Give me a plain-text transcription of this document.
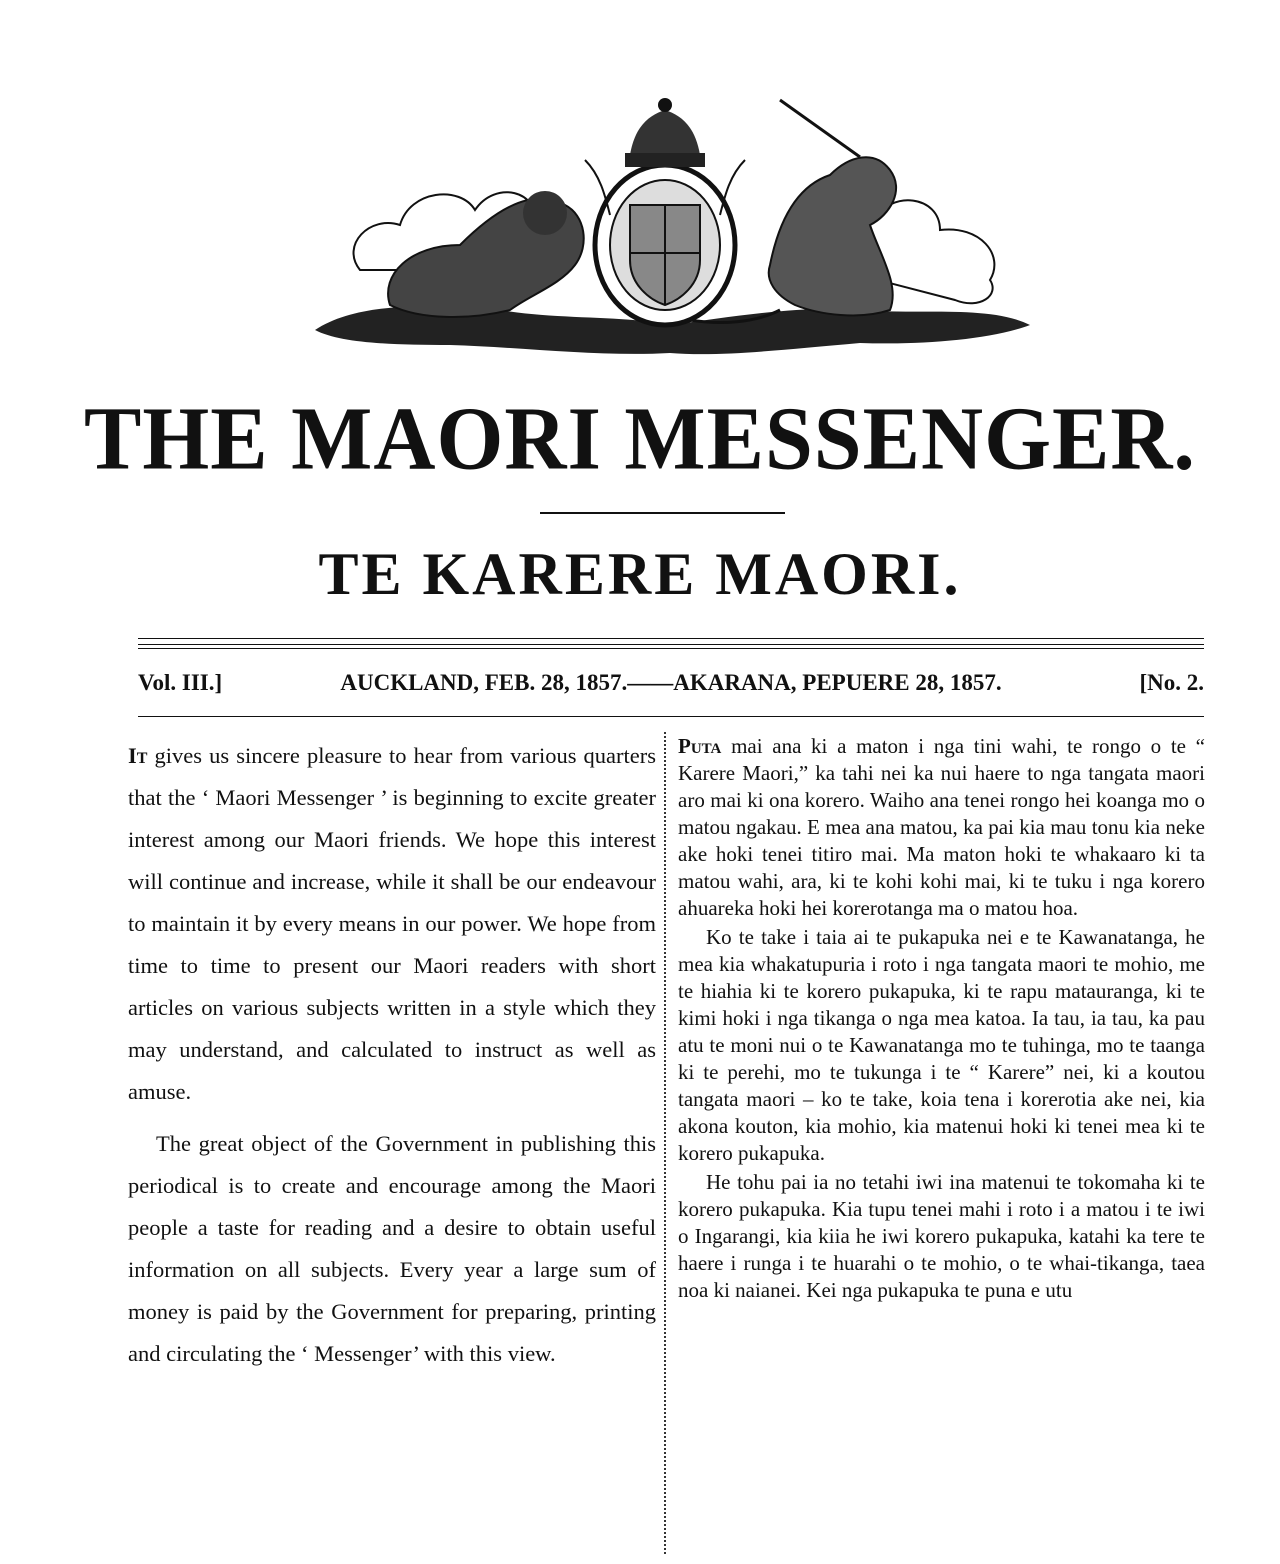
THE MAORI MESSENGER.
TE KARERE MAORI.
Vol. III.]	AUCKLAND, FEB. 28, 1857.——AKARANA, PEPUERE 28, 1857.	[No. 2.

It gives us sincere pleasure to hear from various quarters that the ‘ Maori Messenger ’ is beginning to excite greater interest among our Maori friends. We hope this interest will continue and increase, while it shall be our endeavour to maintain it by every means in our power. We hope from time to time to present our Maori readers with short articles on various subjects written in a style which they may understand, and calculated to instruct as well as amuse.

The great object of the Government in publishing this periodical is to create and encourage among the Maori people a taste for reading and a desire to obtain useful information on all subjects. Every year a large sum of money is paid by the Government for preparing, printing and circulating the ‘ Messenger’ with this view.

Puta mai ana ki a maton i nga tini wahi, te rongo o te “ Karere Maori,” ka tahi nei ka nui haere to nga tangata maori aro mai ki ona korero. Waiho ana tenei rongo hei koanga mo o matou ngakau. E mea ana matou, ka pai kia mau tonu kia neke ake hoki tenei titiro mai. Ma maton hoki te whakaaro ki ta matou wahi, ara, ki te kohi kohi mai, ki te tuku i nga korero ahuareka hoki hei korerotanga ma o matou hoa.

Ko te take i taia ai te pukapuka nei e te Kawanatanga, he mea kia whakatupuria i roto i nga tangata maori te mohio, me te hiahia ki te korero pukapuka, ki te rapu matauranga, ki te kimi hoki i nga tikanga o nga mea katoa. Ia tau, ia tau, ka pau atu te moni nui o te Kawanatanga mo te tuhinga, mo te taanga ki te perehi, mo te tukunga i te “ Karere” nei, ki a koutou tangata maori – ko te take, koia tena i korerotia ake nei, kia akona kouton, kia mohio, kia matenui hoki ki tenei mea ki te korero pukapuka.

He tohu pai ia no tetahi iwi ina matenui te tokomaha ki te korero pukapuka. Kia tupu tenei mahi i roto i a matou i te iwi o Ingarangi, kia kiia he iwi korero pukapuka, katahi ka tere te haere i runga i te huarahi o te mohio, o te whai-tikanga, taea noa ki naianei. Kei nga pukapuka te puna e utu
